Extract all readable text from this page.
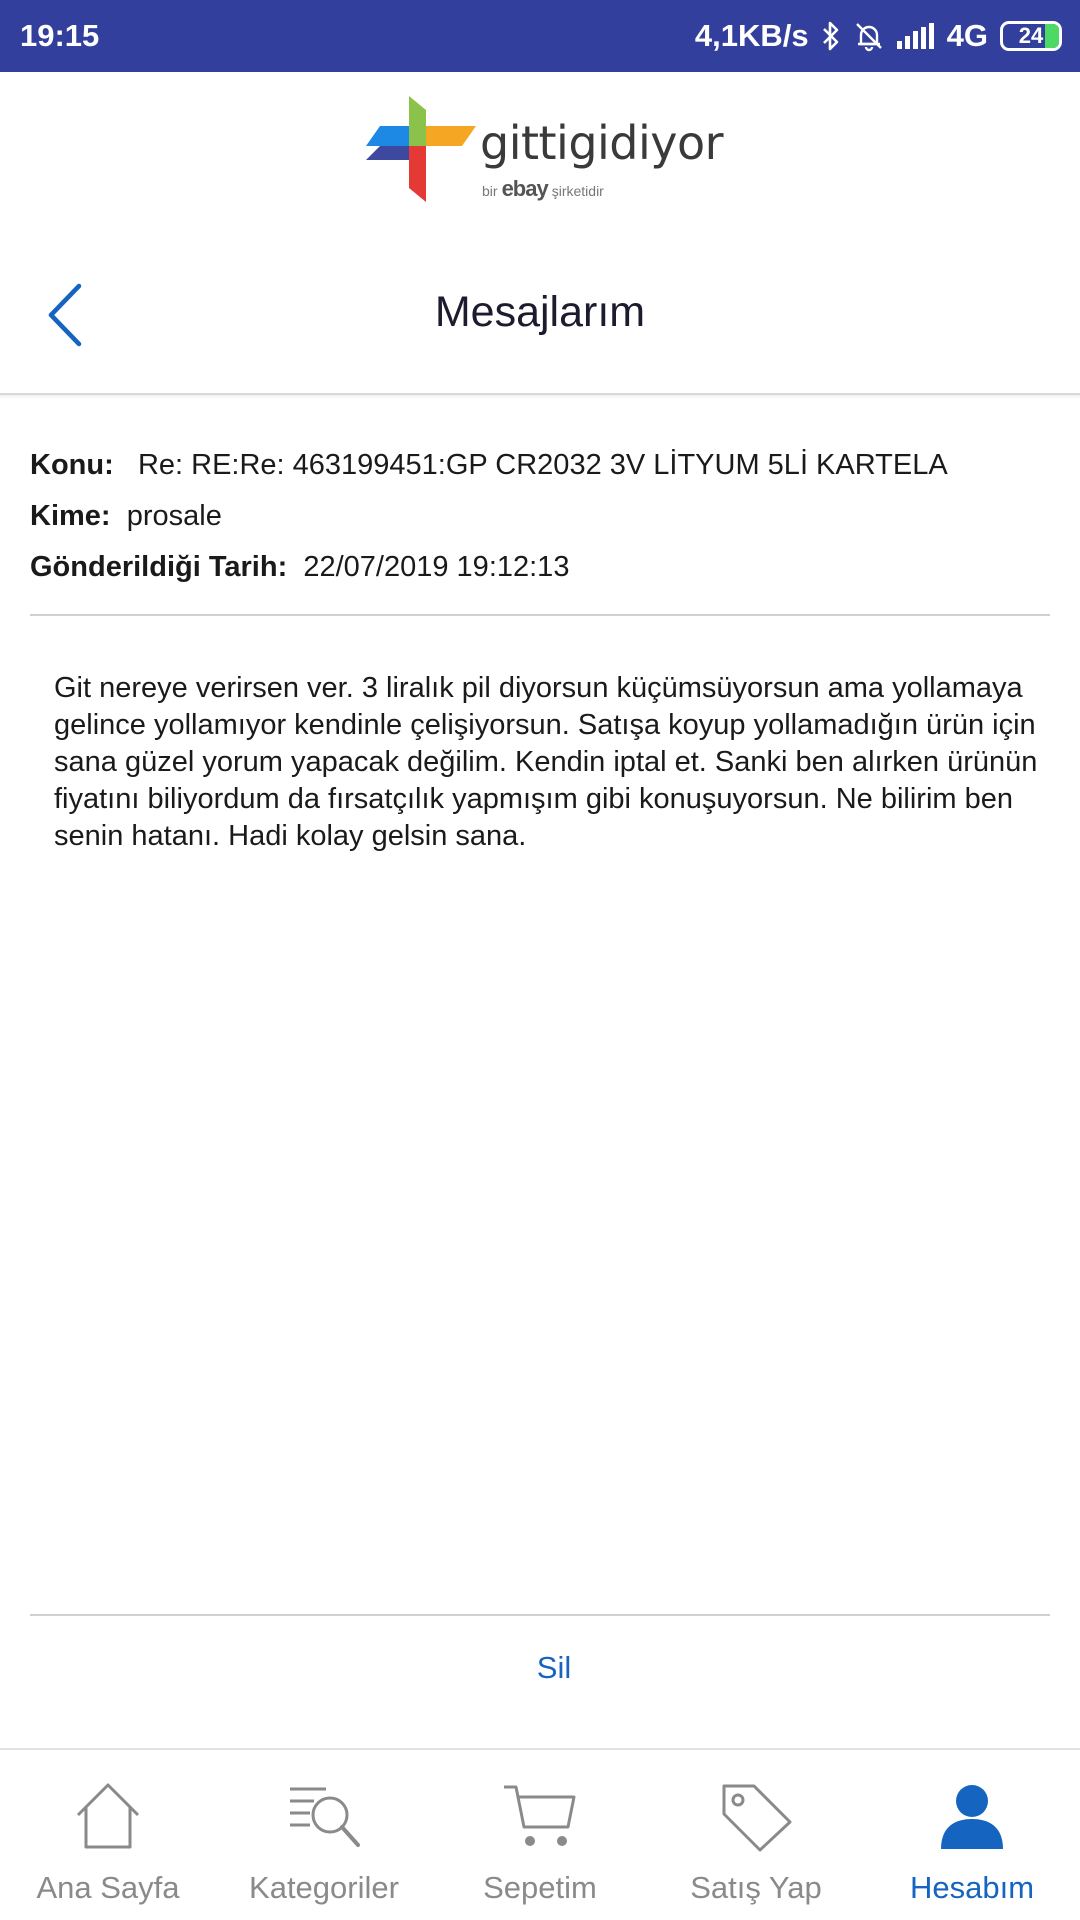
19:15	4,1KB/s	4G 24
gittigidiyor
bir ebay şirketidir
Mesajlarım
Konu: Re: RE:Re: 463199451:GP CR2032 3V LİTYUM 5Lİ KARTELA
Kime: prosale
Gönderildiği Tarih: 22/07/2019 19:12:13
Git nereye verirsen ver. 3 liralık pil diyorsun küçümsüyorsun ama yollamaya gelince yollamıyor kendinle çelişiyorsun. Satışa koyup yollamadığın ürün için sana güzel yorum yapacak değilim. Kendin iptal et. Sanki ben alırken ürünün fiyatını biliyordum da fırsatçılık yapmışım gibi konuşuyorsun. Ne bilirim ben senin hatanı. Hadi kolay gelsin sana.
Sil
Ana Sayfa Kategoriler	Sepetim	Satış Yap	Hesabım
